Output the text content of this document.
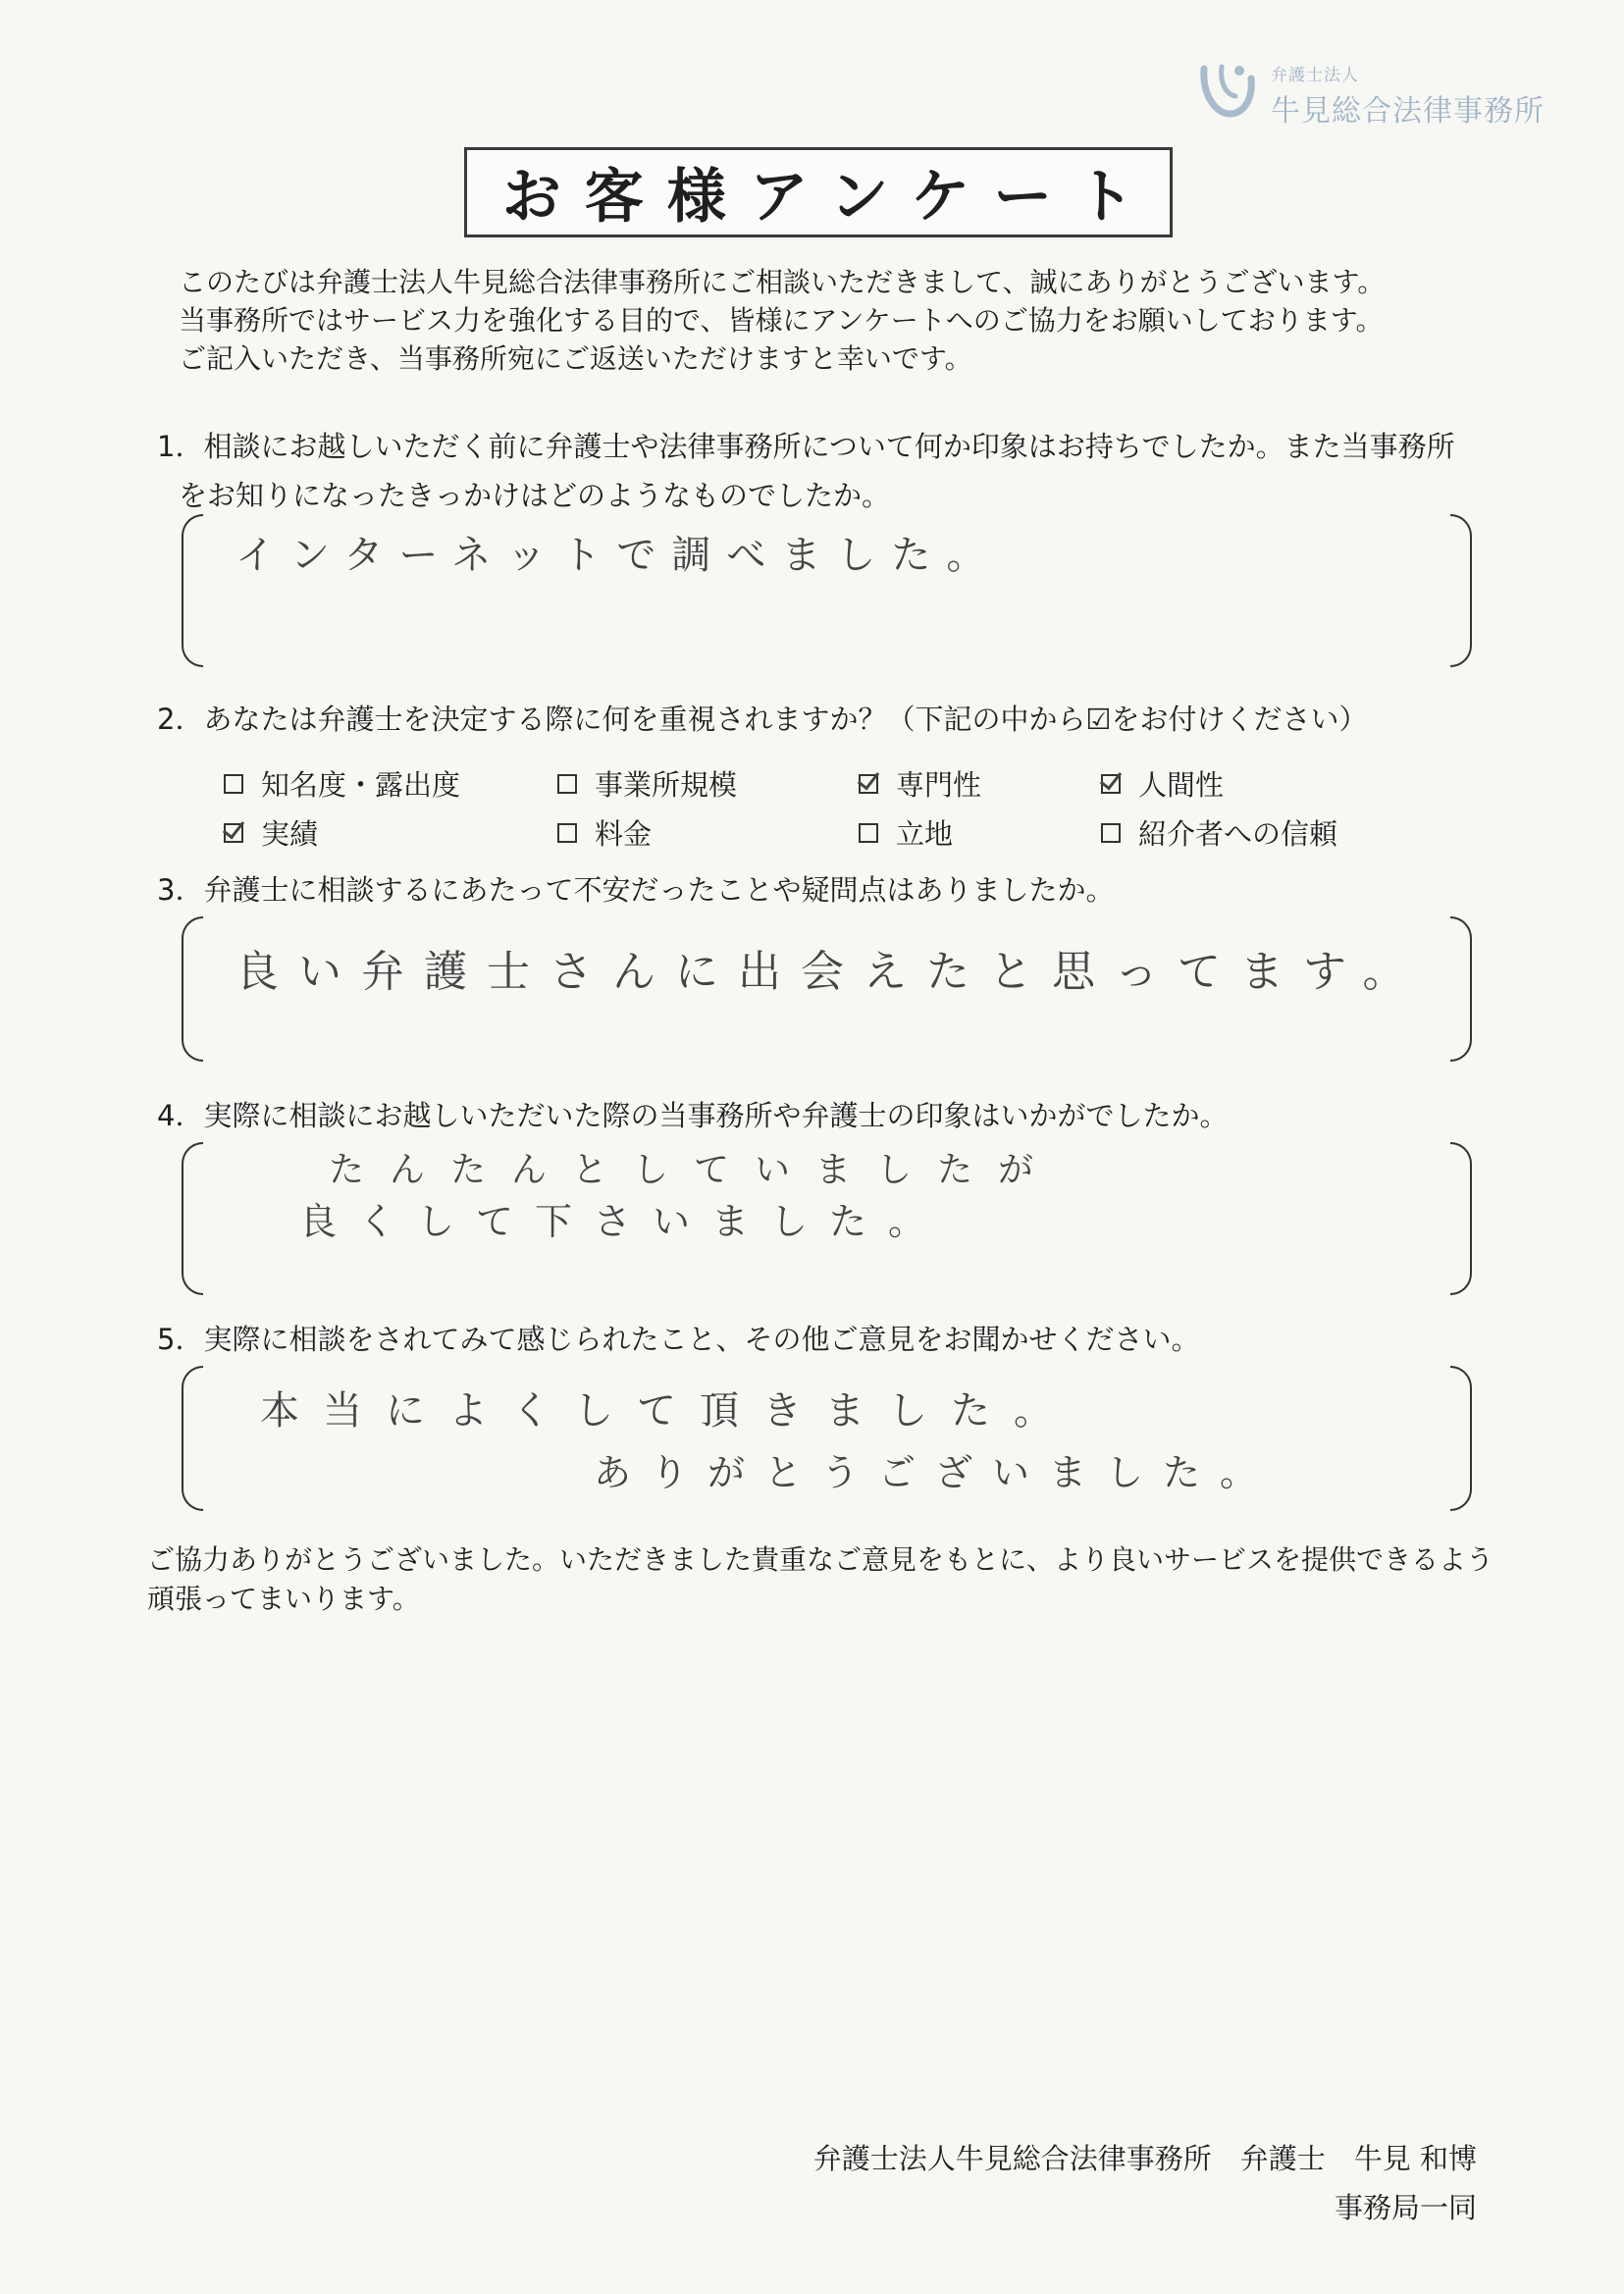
弁護士法人
牛見総合法律事務所
お客様アンケート
このたびは弁護士法人牛見総合法律事務所にご相談いただきまして、誠にありがとうございます。
当事務所ではサービス力を強化する目的で、皆様にアンケートへのご協力をお願いしております。
ご記入いただき、当事務所宛にご返送いただけますと幸いです。
1．相談にお越しいただく前に弁護士や法律事務所について何か印象はお持ちでしたか。また当事務所
をお知りになったきっかけはどのようなものでしたか。
インターネットで調べました。
2．あなたは弁護士を決定する際に何を重視されますか？（下記の中から☑をお付けください）
知名度・露出度	事業所規模	専門性	人間性
実績	料金	立地	紹介者への信頼
3．弁護士に相談するにあたって不安だったことや疑問点はありましたか。
良い弁護士さんに出会えたと思ってます。
4．実際に相談にお越しいただいた際の当事務所や弁護士の印象はいかがでしたか。
たんたんとしていましたが
良くして下さいました。
5．実際に相談をされてみて感じられたこと、その他ご意見をお聞かせください。
本当によくして頂きました。
ありがとうございました。
ご協力ありがとうございました。いただきました貴重なご意見をもとに、より良いサービスを提供できるよう
頑張ってまいります。
弁護士法人牛見総合法律事務所　弁護士　牛見 和博
事務局一同
